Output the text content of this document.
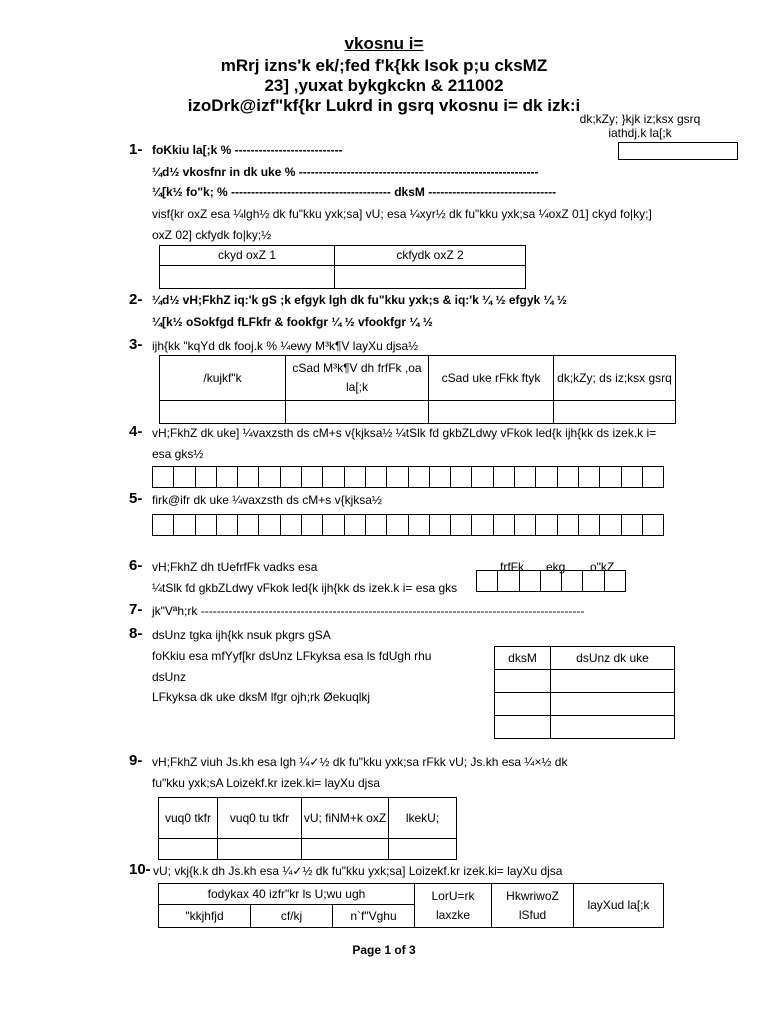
vkosnu i=
mRrj izns'k ek/;fed f'k{kk Isok p;u cksMZ
23] ,yuxat bykgkckn & 211002
izoDrk@izf"kf{kr Lukrd in gsrq vkosnu i= dk izk:i
dk;kZy; }kjk iz;ksx gsrq
iathdj.k la[;k
1- foKkiu la[;k % ---------------------------
¼d½ vkosfnr in dk uke % ------------------------------------------------------------
¼[k½ fo"k; % ---------------------------------------- dksM --------------------------------
visf{kr oxZ esa ¼lgh½ dk fu"kku yxk;sa] vU; esa ¼xyr½ dk fu"kku yxk;sa ¼oxZ 01] ckyd fo|ky;]
oxZ 02] ckfydk fo|ky;½
ckyd oxZ 1	ckfydk oxZ 2

2- ¼d½ vH;FkhZ iq:'k gS ;k efgyk lgh dk fu"kku yxk;s & iq:'k ¼ ½ efgyk ¼ ½
¼[k½ oSokfgd fLFkfr & fookfgr ¼ ½ vfookfgr ¼ ½
3- ijh{kk "kqYd dk fooj.k % ¼ewy M³k¶V layXu djsa½
/kujkf"k	cSad M³k¶V dh frfFk ,oa la[;k	cSad uke rFkk ftyk	dk;kZy; ds iz;ksx gsrq

4- vH;FkhZ dk uke] ¼vaxzsth ds cM+s v{kjksa½ ¼tSlk fd gkbZLdwy vFkok led{k ijh{kk ds izek.k i=
esa gks½
5- firk@ifr dk uke ¼vaxzsth ds cM+s v{kjksa½
6- vH;FkhZ dh tUefrfFk vadks esa
¼tSlk fd gkbZLdwy vFkok led{k ijh{kk ds izek.k i= esa gks
frfFk ekg o"kZ
7- jk"Vªh;rk ------------------------------------------------------------------------------------------------
8- dsUnz tgka ijh{kk nsuk pkgrs gSA
foKkiu esa mfYyf[kr dsUnz LFkyksa esa ls fdUgh rhu
dsUnz
LFkyksa dk uke dksM lfgr ojh;rk Øekuqlkj
dksM	dsUnz dk uke

9- vH;FkhZ viuh Js.kh esa lgh ¼✓½ dk fu"kku yxk;sa rFkk vU; Js.kh esa ¼×½ dk
fu"kku yxk;sA Loizekf.kr izek.ki= layXu djsa
vuq0 tkfr	vuq0 tu tkfr	vU; fiNM+k oxZ	lkekU;

10- vU; vkj{k.k dh Js.kh esa ¼✓½ dk fu"kku yxk;sa] Loizekf.kr izek.ki= layXu djsa
fodykax 40 izfr"kr ls U;wu ugh			LorU=rk laxzke	HkwriwoZ lSfud	layXud la[;k
"kkjhfjd	cf/kj	n`f"Vghu			
Page 1 of 3
